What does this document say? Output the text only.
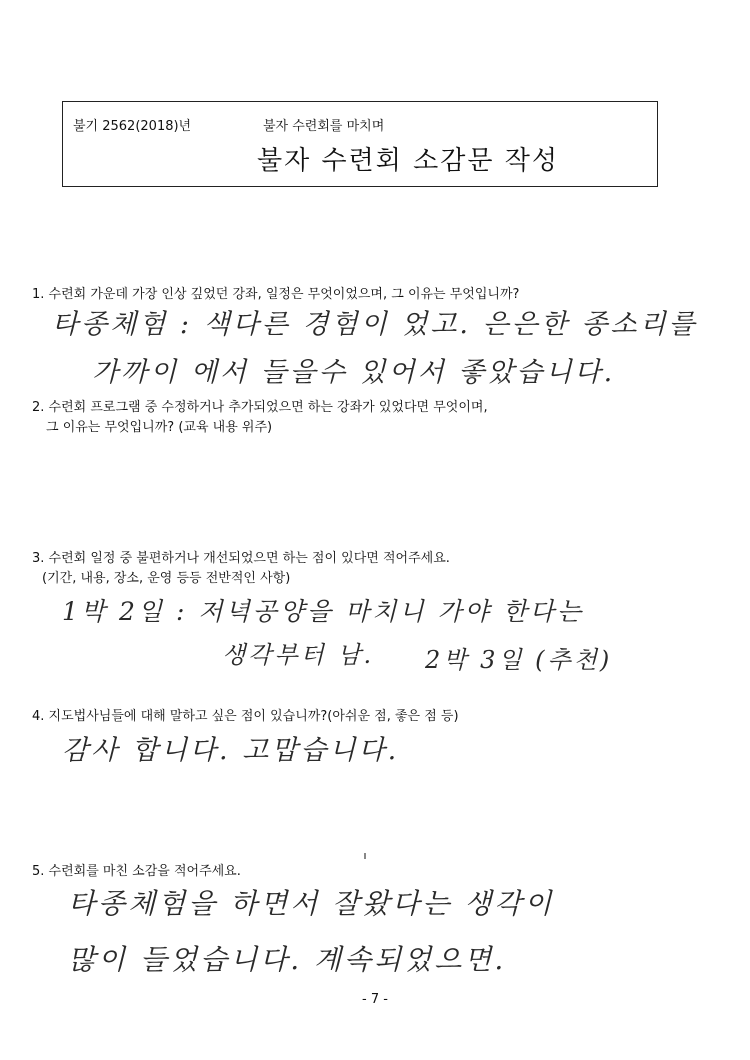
불기 2562(2018)년	불자 수련회를 마치며
불자 수련회 소감문 작성
1. 수련회 가운데 가장 인상 깊었던 강좌, 일정은 무엇이었으며, 그 이유는 무엇입니까?
타종체험 : 색다른 경험이 었고. 은은한 종소리를
가까이 에서 들을수 있어서 좋았습니다.
2. 수련회 프로그램 중 수정하거나 추가되었으면 하는 강좌가 있었다면 무엇이며,
그 이유는 무엇입니까? (교육 내용 위주)
3. 수련회 일정 중 불편하거나 개선되었으면 하는 점이 있다면 적어주세요.
(기간, 내용, 장소, 운영 등등 전반적인 사항)
1박 2일 : 저녁공양을 마치니 가야 한다는
생각부터 남. 2박 3일 (추천)
4. 지도법사님들에 대해 말하고 싶은 점이 있습니까?(아쉬운 점, 좋은 점 등)
감사 합니다. 고맙습니다.
5. 수련회를 마친 소감을 적어주세요.
타종체험을 하면서 잘왔다는 생각이
많이 들었습니다. 계속되었으면.
- 7 -
